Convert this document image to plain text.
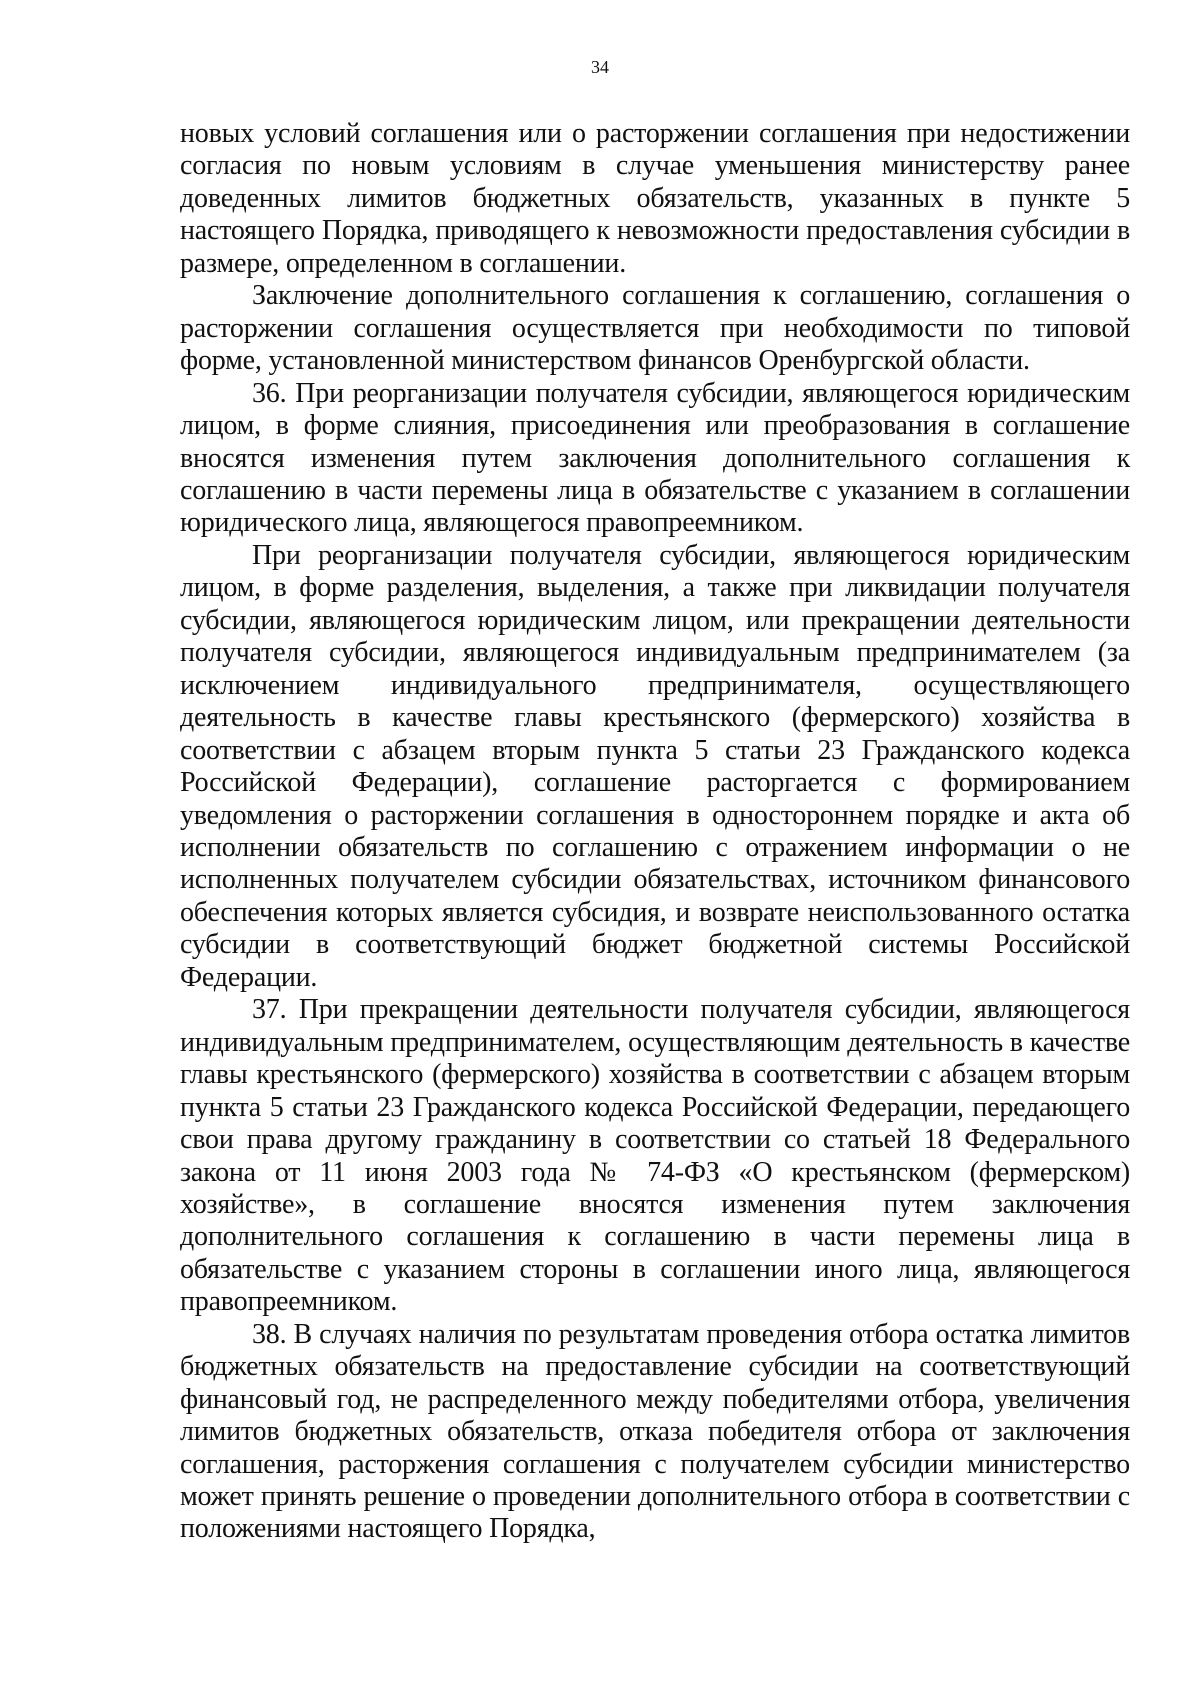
34

новых условий соглашения или о расторжении соглашения при недостижении согласия по новым условиям в случае уменьшения министерству ранее доведенных лимитов бюджетных обязательств, указанных в пункте 5 настоящего Порядка, приводящего к невозможности предоставления субсидии в размере, определенном в соглашении.

Заключение дополнительного соглашения к соглашению, соглашения о расторжении соглашения осуществляется при необходимости по типовой форме, установленной министерством финансов Оренбургской области.

36. При реорганизации получателя субсидии, являющегося юридическим лицом, в форме слияния, присоединения или преобразования в соглашение вносятся изменения путем заключения дополнительного соглашения к соглашению в части перемены лица в обязательстве с указанием в соглашении юридического лица, являющегося правопреемником.

При реорганизации получателя субсидии, являющегося юридическим лицом, в форме разделения, выделения, а также при ликвидации получателя субсидии, являющегося юридическим лицом, или прекращении деятельности получателя субсидии, являющегося индивидуальным предпринимателем (за исключением индивидуального предпринимателя, осуществляющего деятельность в качестве главы крестьянского (фермерского) хозяйства в соответствии с абзацем вторым пункта 5 статьи 23 Гражданского кодекса Российской Федерации), соглашение расторгается с формированием уведомления о расторжении соглашения в одностороннем порядке и акта об исполнении обязательств по соглашению с отражением информации о не исполненных получателем субсидии обязательствах, источником финансового обеспечения которых является субсидия, и возврате неиспользованного остатка субсидии в соответствующий бюджет бюджетной системы Российской Федерации.

37. При прекращении деятельности получателя субсидии, являющегося индивидуальным предпринимателем, осуществляющим деятельность в качестве главы крестьянского (фермерского) хозяйства в соответствии с абзацем вторым пункта 5 статьи 23 Гражданского кодекса Российской Федерации, передающего свои права другому гражданину в соответствии со статьей 18 Федерального закона от 11 июня 2003 года № 74-ФЗ «О крестьянском (фермерском) хозяйстве», в соглашение вносятся изменения путем заключения дополнительного соглашения к соглашению в части перемены лица в обязательстве с указанием стороны в соглашении иного лица, являющегося правопреемником.

38. В случаях наличия по результатам проведения отбора остатка лимитов бюджетных обязательств на предоставление субсидии на соответствующий финансовый год, не распределенного между победителями отбора, увеличения лимитов бюджетных обязательств, отказа победителя отбора от заключения соглашения, расторжения соглашения с получателем субсидии министерство может принять решение о проведении дополнительного отбора в соответствии с положениями настоящего Порядка,
